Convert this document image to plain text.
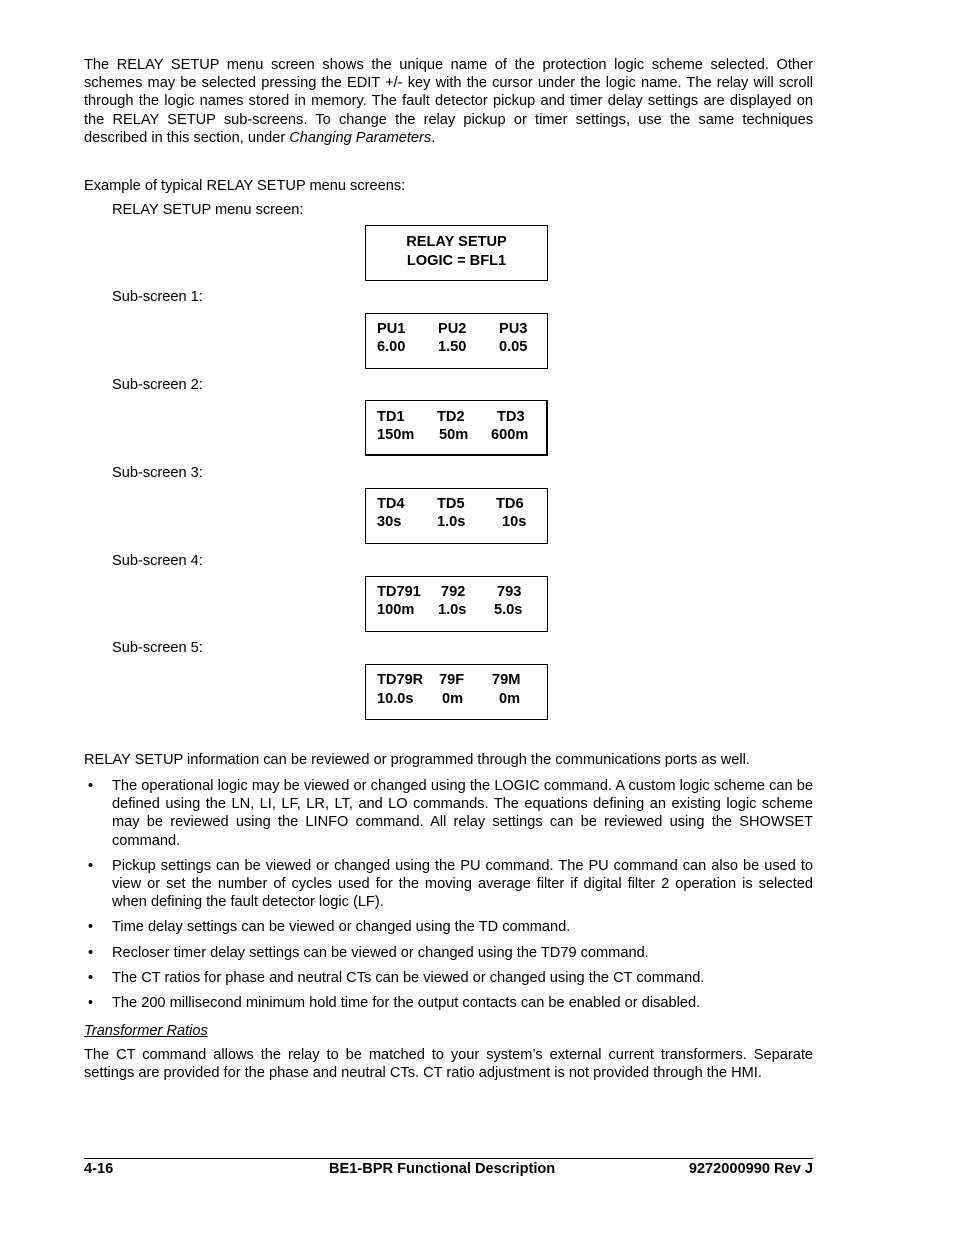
The RELAY SETUP menu screen shows the unique name of the protection logic scheme selected. Other schemes may be selected pressing the EDIT +/- key with the cursor under the logic name. The relay will scroll through the logic names stored in memory. The fault detector pickup and timer delay settings are displayed on the RELAY SETUP sub-screens. To change the relay pickup or timer settings, use the same techniques described in this section, under Changing Parameters.

Example of typical RELAY SETUP menu screens:

RELAY SETUP menu screen:

RELAY SETUP
LOGIC = BFL1

Sub-screen 1:

PU1 PU2 PU3
6.00 1.50 0.05

Sub-screen 2:

TD1 TD2 TD3
150m 50m 600m

Sub-screen 3:

TD4 TD5 TD6
30s 1.0s	10s

Sub-screen 4:

TD791 792 793
100m 1.0s 5.0s

Sub-screen 5:

TD79R 79F 79M
10.0s 0m 0m

RELAY SETUP information can be reviewed or programmed through the communications ports as well.

• The operational logic may be viewed or changed using the LOGIC command. A custom logic scheme can be defined using the LN, LI, LF, LR, LT, and LO commands. The equations defining an existing logic scheme may be reviewed using the LINFO command. All relay settings can be reviewed using the SHOWSET command.
• Pickup settings can be viewed or changed using the PU command. The PU command can also be used to view or set the number of cycles used for the moving average filter if digital filter 2 operation is selected when defining the fault detector logic (LF).
• Time delay settings can be viewed or changed using the TD command.
• Recloser timer delay settings can be viewed or changed using the TD79 command.
• The CT ratios for phase and neutral CTs can be viewed or changed using the CT command.
• The 200 millisecond minimum hold time for the output contacts can be enabled or disabled.

Transformer Ratios

The CT command allows the relay to be matched to your system’s external current transformers. Separate settings are provided for the phase and neutral CTs. CT ratio adjustment is not provided through the HMI.

4-16	BE1-BPR Functional Description	9272000990 Rev J
